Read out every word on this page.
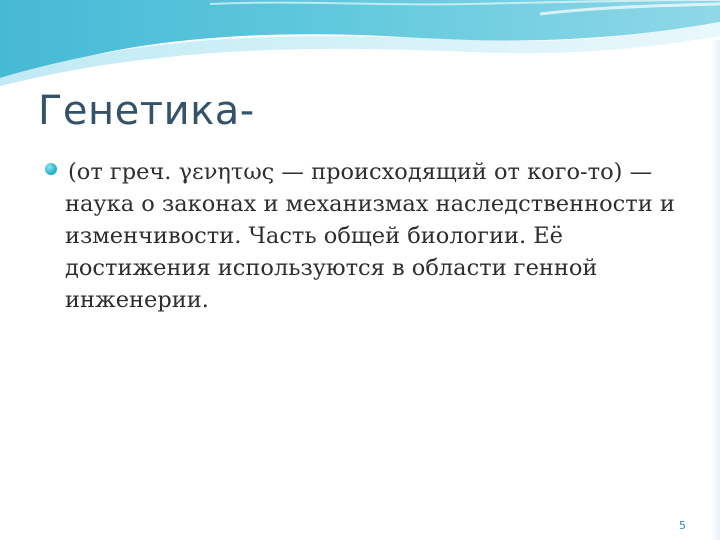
Генетика-
(от греч. γενητως — происходящий от кого-то) —
наука о законах и механизмах наследственности и
изменчивости. Часть общей биологии. Её
достижения используются в области генной
инженерии.
5
